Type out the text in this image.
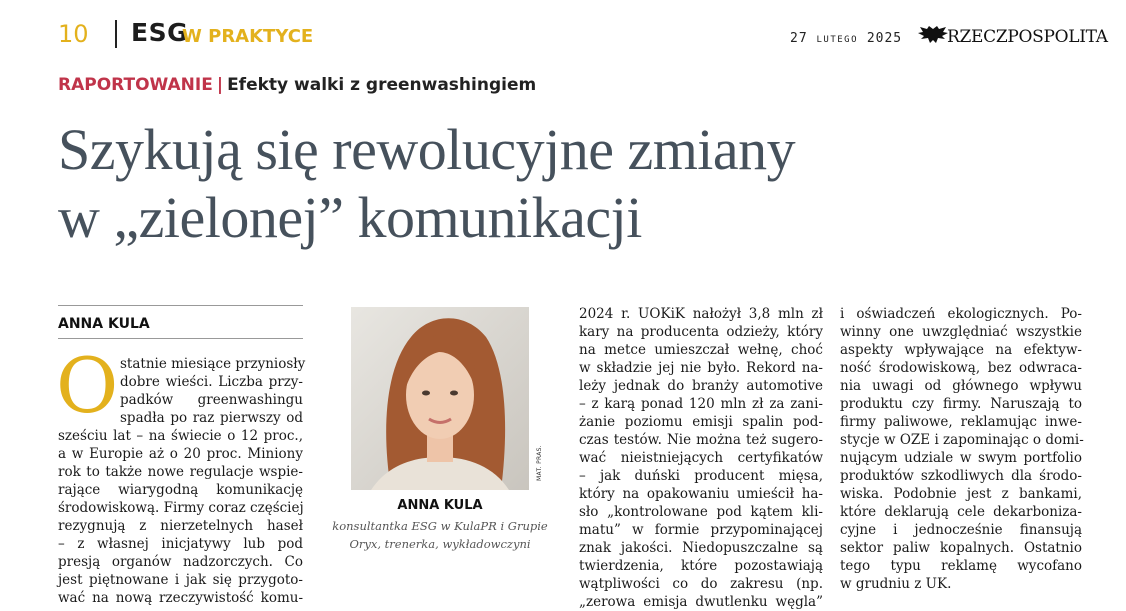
10 ESG
W PRAKTYCE	27 LUTEGO 2025	RZECZPOSPOLITA
RAPORTOWANIE | Efekty walki z greenwashingiem
Szykują się rewolucyjne zmiany
w „zielonej” komunikacji
ANNA KULA
O statnie miesiące przyniosły
dobre wieści. Liczba przy-
padków greenwashingu
spadła po raz pierwszy od
sześciu lat – na świecie o 12 proc.,
a w Europie aż o 20 proc. Miniony
rok to także nowe regulacje wspie-
rające wiarygodną komunikację
środowiskową. Firmy coraz częściej
rezygnują z nierzetelnych haseł
– z własnej inicjatywy lub pod
presją organów nadzorczych. Co
jest piętnowane i jak się przygoto-
wać na nową rzeczywistość komu-
MAT. PRAS.
ANNA KULA
konsultantka ESG w KulaPR i Grupie
Oryx, trenerka, wykładowczyni
2024 r. UOKiK nałożył 3,8 mln zł
kary na producenta odzieży, który
na metce umieszczał wełnę, choć
w składzie jej nie było. Rekord na-
leży jednak do branży automotive
– z karą ponad 120 mln zł za zani-
żanie poziomu emisji spalin pod-
czas testów. Nie można też sugero-
wać nieistniejących certyfikatów
– jak duński producent mięsa,
który na opakowaniu umieścił ha-
sło „kontrolowane pod kątem kli-
matu” w formie przypominającej
znak jakości. Niedopuszczalne są
twierdzenia, które pozostawiają
wątpliwości co do zakresu (np.
„zerowa emisja dwutlenku węgla”
i oświadczeń ekologicznych. Po-
winny one uwzględniać wszystkie
aspekty wpływające na efektyw-
ność środowiskową, bez odwraca-
nia uwagi od głównego wpływu
produktu czy firmy. Naruszają to
firmy paliwowe, reklamując inwe-
stycje w OZE i zapominając o domi-
nującym udziale w swym portfolio
produktów szkodliwych dla środo-
wiska. Podobnie jest z bankami,
które deklarują cele dekarboniza-
cyjne i jednocześnie finansują
sektor paliw kopalnych. Ostatnio
tego typu reklamę wycofano
w grudniu z UK.
